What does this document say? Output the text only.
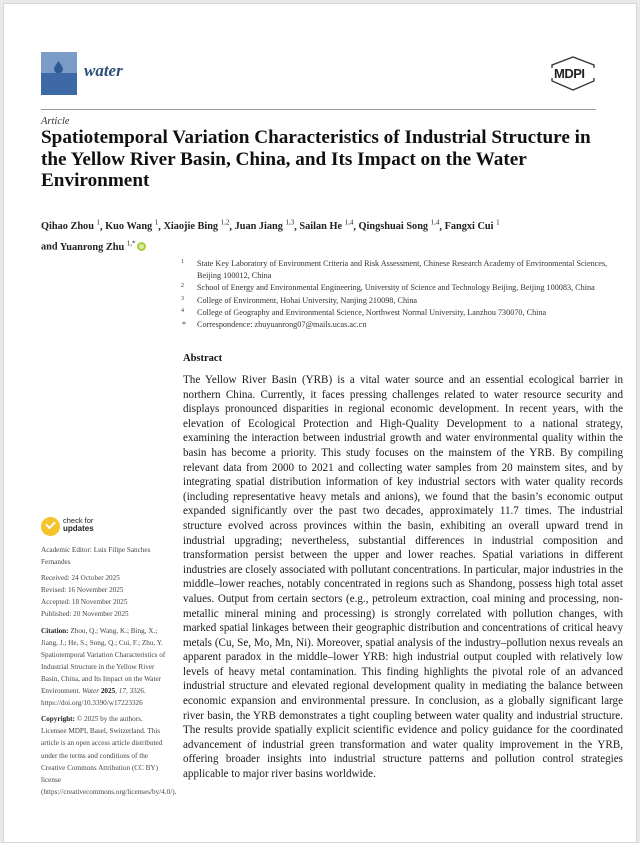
water	MDPI
Article
Spatiotemporal Variation Characteristics of Industrial Structure in the Yellow River Basin, China, and Its Impact on the Water Environment
Qihao Zhou $^1$, Kuo Wang $^1$, Xiaojie Bing $^{1,2}$, Juan Jiang $^{1,3}$, Sailan He $^{1,4}$, Qingshuai Song $^{1,4}$, Fangxi Cui $^1$
and Yuanrong Zhu $^{1,*}$
1 State Key Laboratory of Environment Criteria and Risk Assessment, Chinese Research Academy of Environmental Sciences, Beijing 100012, China
2 School of Energy and Environmental Engineering, University of Science and Technology Beijing, Beijing 100083, China
3 College of Environment, Hohai University, Nanjing 210098, China
4 College of Geography and Environmental Science, Northwest Normal University, Lanzhou 730070, China
* Correspondence: zhuyuanrong07@mails.ucas.ac.cn
Abstract

The Yellow River Basin (YRB) is a vital water source and an essential ecological barrier in northern China. Currently, it faces pressing challenges related to water resource security and displays pronounced disparities in regional economic development. In recent years, with the elevation of Ecological Protection and High-Quality Development to a national strategy, examining the interaction between industrial growth and water environmental quality within the basin has become a priority. This study focuses on the mainstem of the YRB. By compiling relevant data from 2000 to 2021 and collecting water samples from 20 mainstem sites, and by integrating spatial distribution information of key industrial sectors with water quality records (including representative heavy metals and anions), we found that the basin’s economic output expanded significantly over the past two decades, approximately 11.7 times. The industrial structure evolved across provinces within the basin, exhibiting an overall upward trend in industrial upgrading; nevertheless, substantial differences in industrial composition and transformation persist between the upper and lower reaches. Spatial variations in different industries are closely associated with pollutant concentrations. In particular, major industries in the middle–lower reaches, notably concentrated in regions such as Shandong, possess high total asset values. Output from certain sectors (e.g., petroleum extraction, coal mining and processing, non-metallic mineral mining and processing) is strongly correlated with pollution changes, with marked spatial linkages between their geographic distribution and concentrations of critical heavy metals (Cu, Se, Mo, Mn, Ni). Moreover, spatial analysis of the industry–pollution nexus reveals an apparent paradox in the middle–lower YRB: high industrial output coupled with relatively low levels of heavy metal contamination. This finding highlights the pivotal role of an advanced industrial structure and elevated regional development quality in mediating the balance between economic expansion and environmental pressure. In conclusion, as a globally significant large river basin, the YRB demonstrates a tight coupling between water quality and industrial structure. The results provide spatially explicit scientific evidence and policy guidance for the coordinated advancement of industrial green transformation and water quality improvement in the YRB, offering broader insights into industrial structure patterns and pollution control strategies applicable to major river basins worldwide.

check for
updates
Academic Editor: Luis Filipe Sanches Fernandes
Received: 24 October 2025
Revised: 16 November 2025
Accepted: 18 November 2025
Published: 20 November 2025
Citation: Zhou, Q.; Wang, K.; Bing, X.; Jiang, J.; He, S.; Song, Q.; Cui, F.; Zhu, Y. Spatiotemporal Variation Characteristics of Industrial Structure in the Yellow River Basin, China, and Its Impact on the Water Environment. Water 2025, 17, 3326. https://doi.org/10.3390/w17223326
Copyright: © 2025 by the authors. Licensee MDPI, Basel, Switzerland. This article is an open access article distributed under the terms and conditions of the Creative Commons Attribution (CC BY) license (https://creativecommons.org/licenses/by/4.0/).
